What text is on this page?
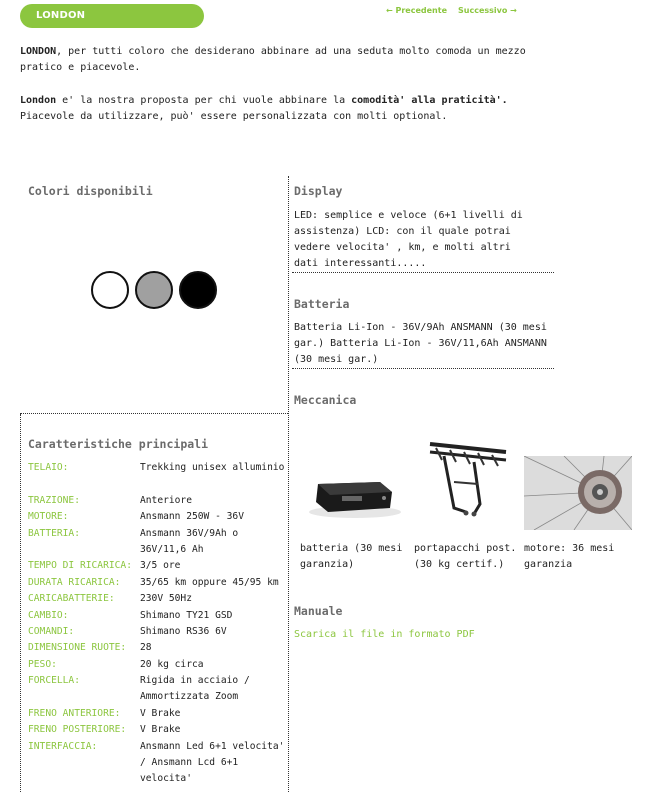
LONDON	← Precedente Successivo →
LONDON, per tutti coloro che desiderano abbinare ad una seduta molto comoda un mezzo pratico e piacevole.
London e' la nostra proposta per chi vuole abbinare la comodità' alla praticità'. Piacevole da utilizzare, può' essere personalizzata con molti optional.
Colori disponibili	Display
LED: semplice e veloce (6+1 livelli di assistenza) LCD: con il quale potrai vedere velocita' , km, e molti altri dati interessanti.....
Batteria
Batteria Li-Ion - 36V/9Ah ANSMANN (30 mesi gar.) Batteria Li-Ion - 36V/11,6Ah ANSMANN (30 mesi gar.)
Meccanica
batteria (30 mesi garanzia)
portapacchi post. (30 kg certif.)
motore: 36 mesi garanzia
Manuale
Scarica il file in formato PDF
Caratteristiche principali
TELAIO:	Trekking unisex alluminio
TRAZIONE:	Anteriore
MOTORE:	Ansmann 250W - 36V
BATTERIA:	Ansmann 36V/9Ah o 36V/11,6 Ah
TEMPO DI RICARICA: 3/5 ore
DURATA RICARICA:	35/65 km oppure 45/95 km
CARICABATTERIE:	230V 50Hz
CAMBIO:	Shimano TY21 GSD
COMANDI:	Shimano RS36 6V
DIMENSIONE RUOTE:	28
PESO:	20 kg circa
FORCELLA:	Rigida in acciaio / Ammortizzata Zoom
FRENO ANTERIORE:	V Brake
FRENO POSTERIORE:	V Brake
INTERFACCIA:	Ansmann Led 6+1 velocita' / Ansmann Lcd 6+1 velocita'
